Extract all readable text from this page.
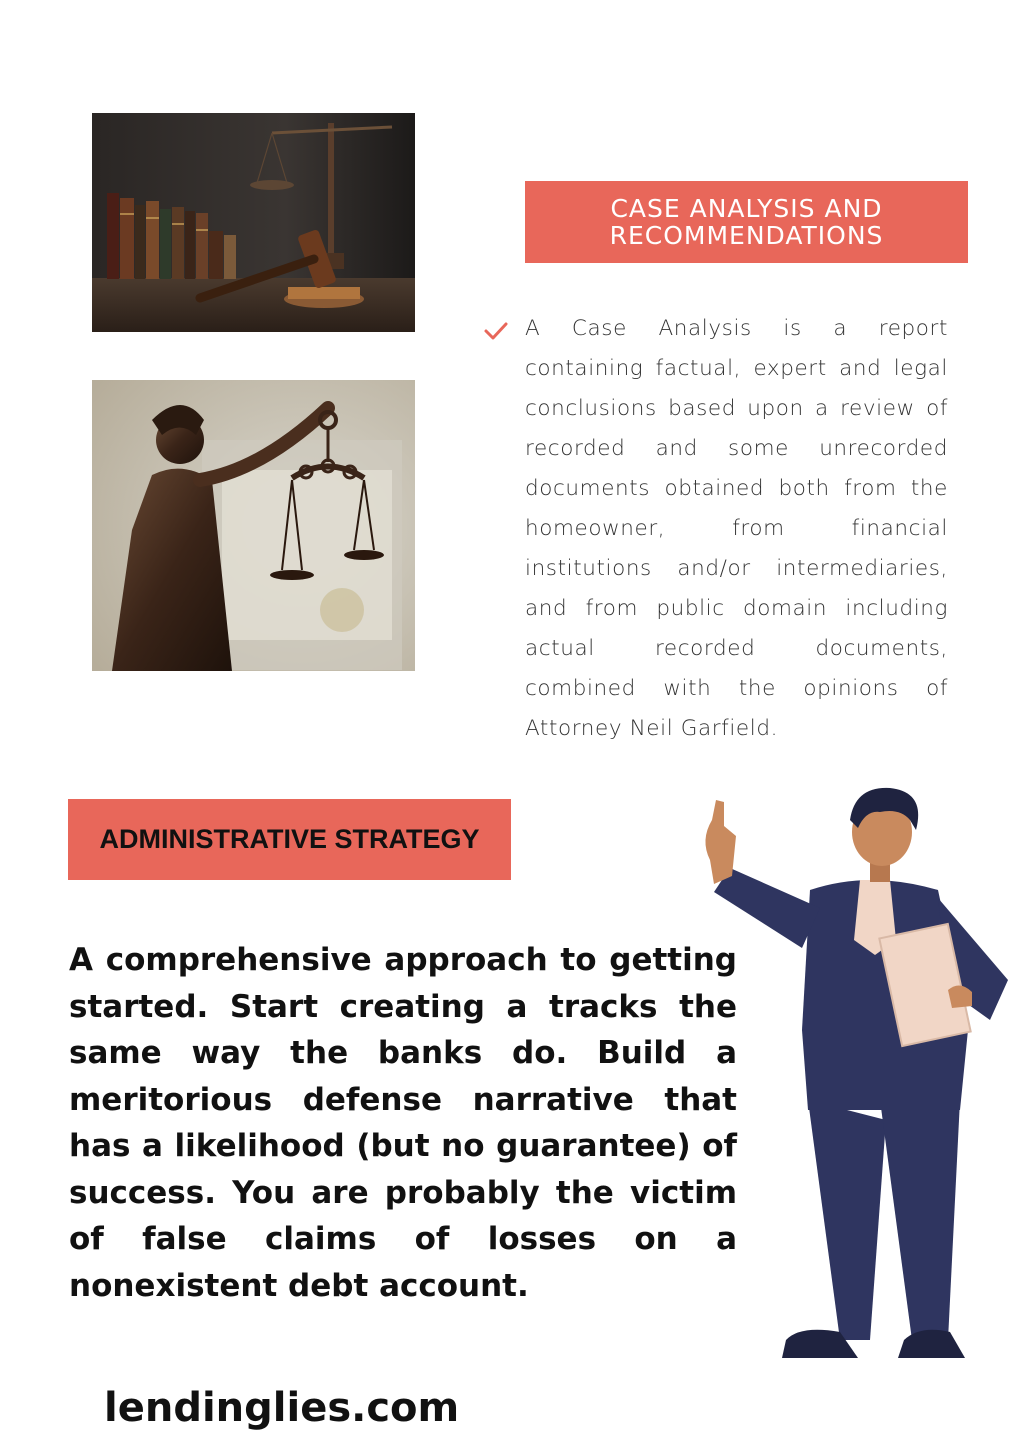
CASE ANALYSIS AND RECOMMENDATIONS

A Case Analysis is a report containing factual, expert and legal conclusions based upon a review of recorded and some unrecorded documents obtained both from the homeowner, from financial institutions and/or intermediaries, and from public domain including actual recorded documents, combined with the opinions of Attorney Neil Garfield.

ADMINISTRATIVE STRATEGY

A comprehensive approach to getting started. Start creating a tracks the same way the banks do. Build a meritorious defense narrative that has a likelihood (but no guarantee) of success. You are probably the victim of false claims of losses on a nonexistent debt account.

lendinglies.com
